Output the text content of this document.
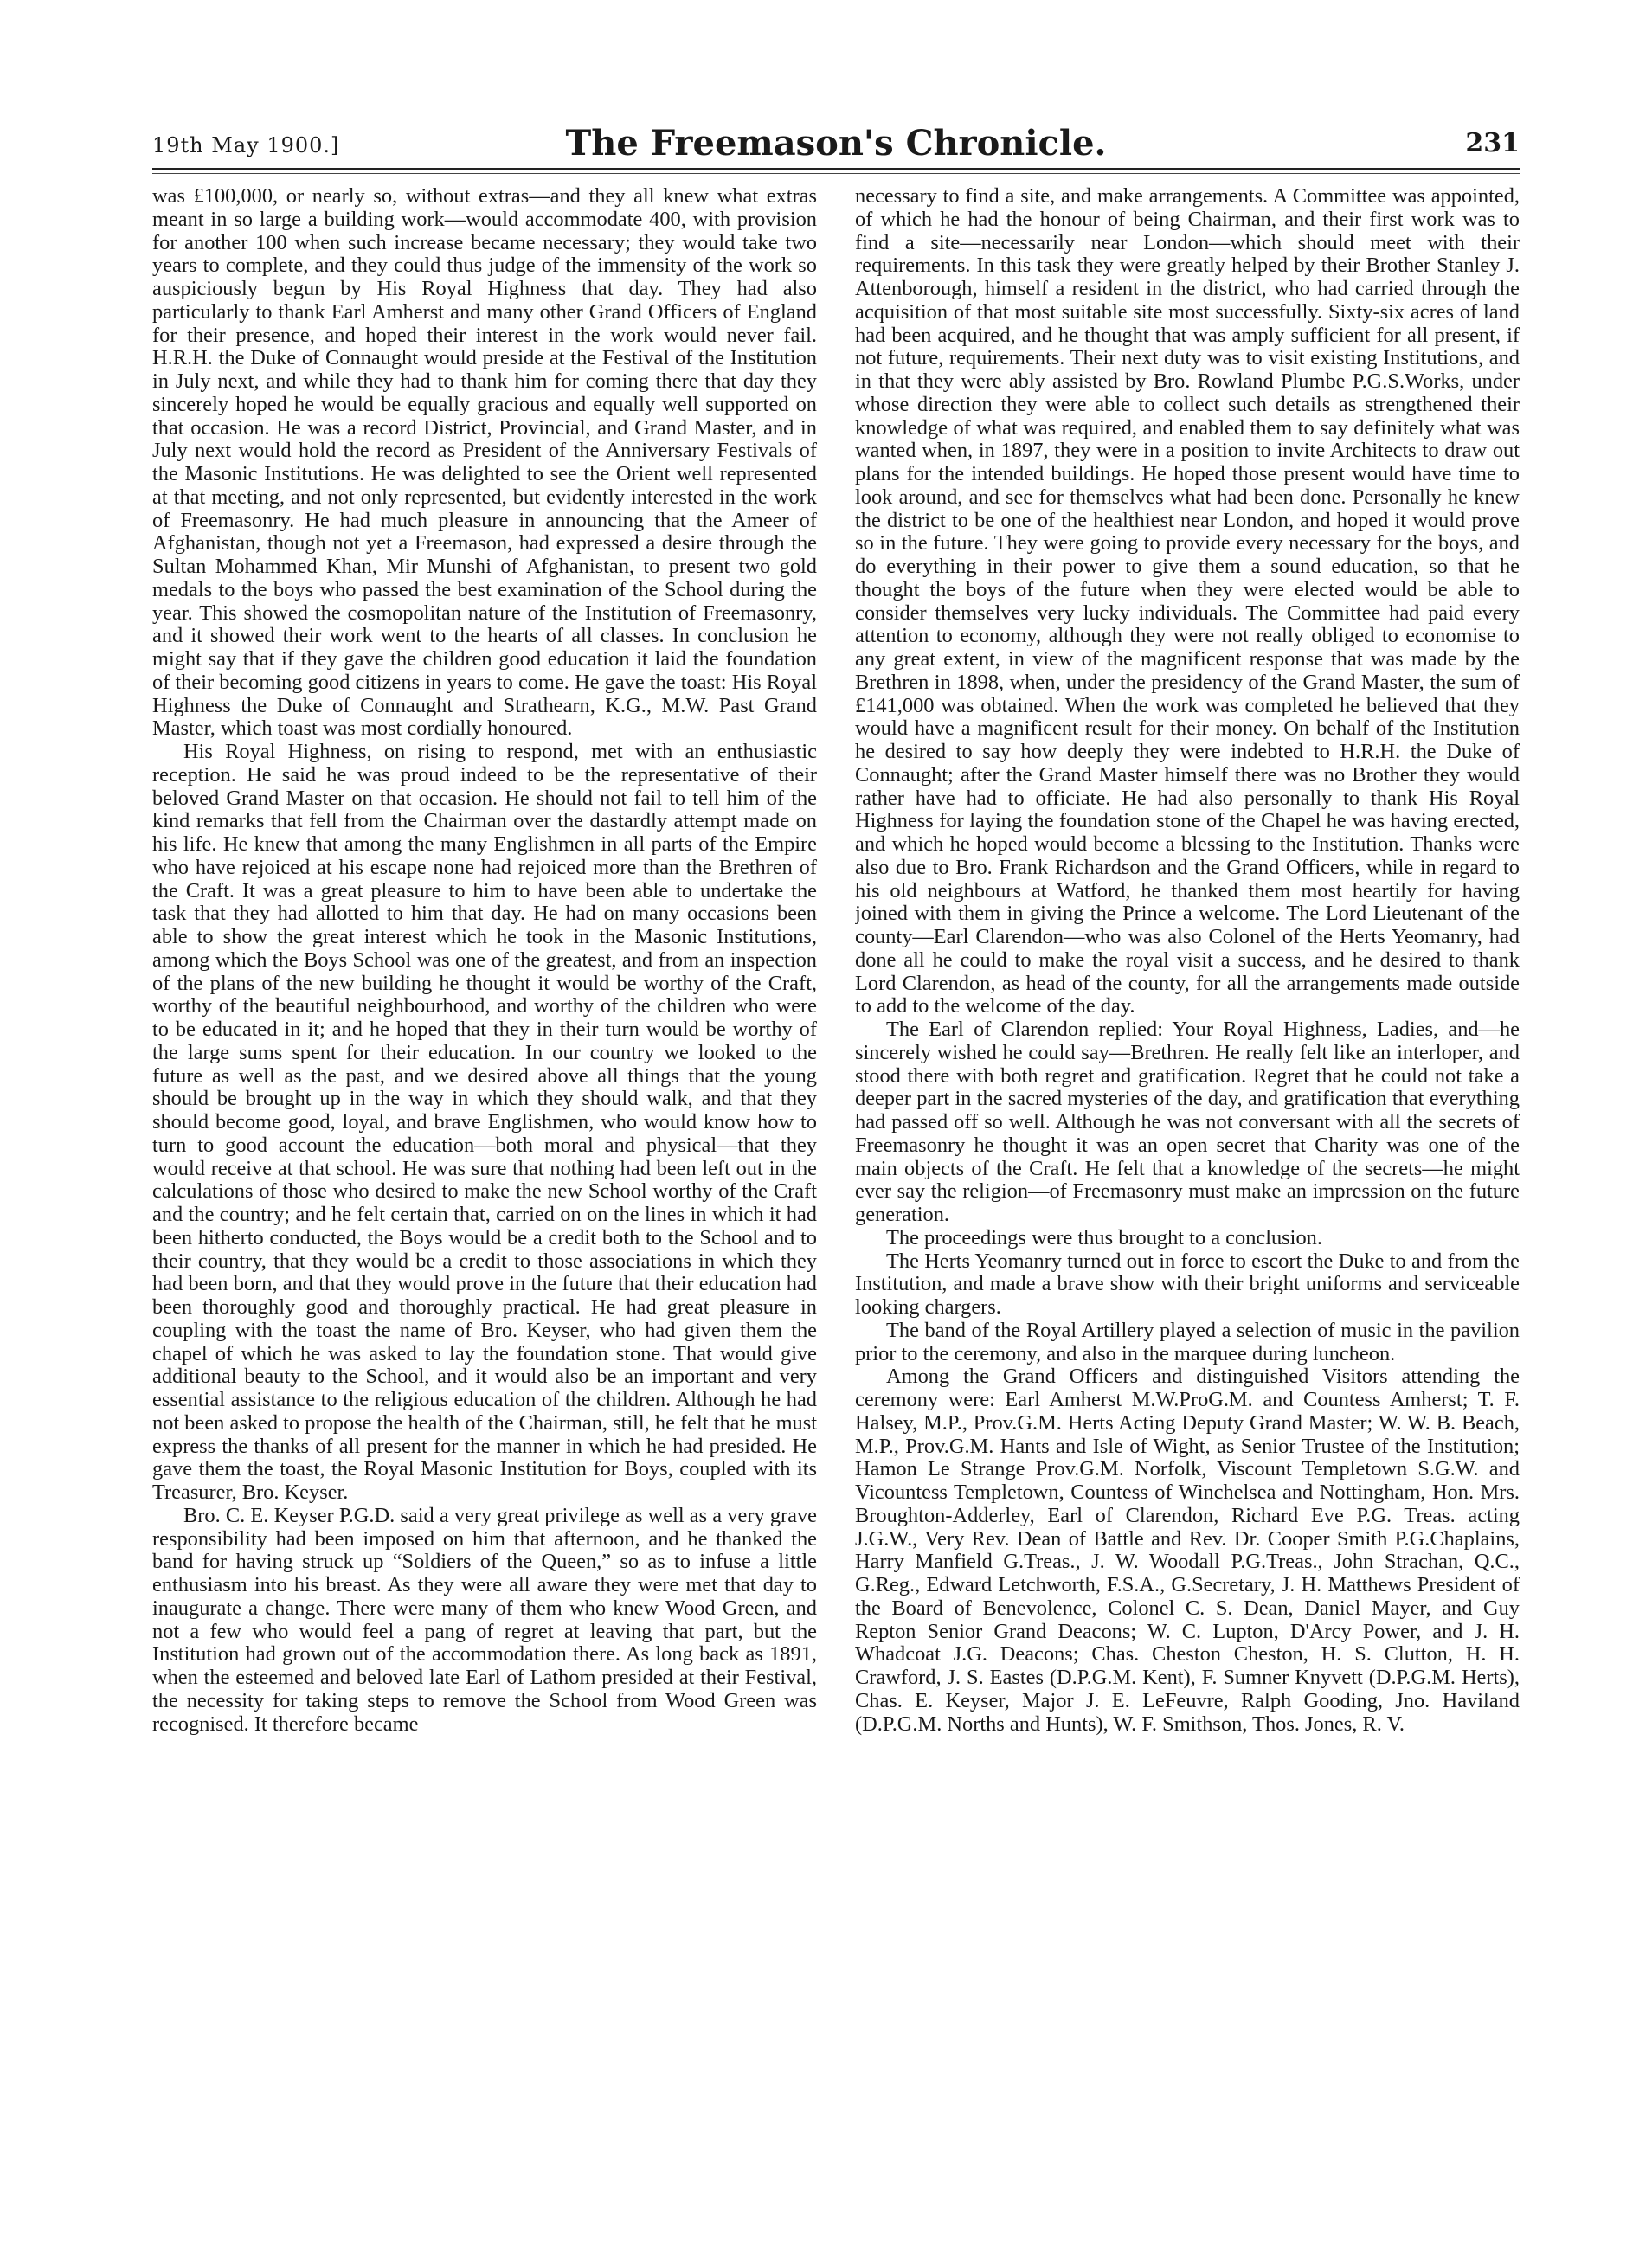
19th May 1900.]	The Freemason's Chronicle.	231

was £100,000, or nearly so, without extras—and they all knew what extras meant in so large a building work—would accommodate 400, with provision for another 100 when such increase became necessary; they would take two years to complete, and they could thus judge of the immensity of the work so auspiciously begun by His Royal Highness that day. They had also particularly to thank Earl Amherst and many other Grand Officers of England for their presence, and hoped their interest in the work would never fail. H.R.H. the Duke of Connaught would preside at the Festival of the Institution in July next, and while they had to thank him for coming there that day they sincerely hoped he would be equally gracious and equally well supported on that occasion. He was a record District, Provincial, and Grand Master, and in July next would hold the record as President of the Anniversary Festivals of the Masonic Institutions. He was delighted to see the Orient well represented at that meeting, and not only represented, but evidently interested in the work of Freemasonry. He had much pleasure in announcing that the Ameer of Afghanistan, though not yet a Freemason, had expressed a desire through the Sultan Mohammed Khan, Mir Munshi of Afghanistan, to present two gold medals to the boys who passed the best examination of the School during the year. This showed the cosmopolitan nature of the Institution of Freemasonry, and it showed their work went to the hearts of all classes. In conclusion he might say that if they gave the children good education it laid the foundation of their becoming good citizens in years to come. He gave the toast: His Royal Highness the Duke of Connaught and Strathearn, K.G., M.W. Past Grand Master, which toast was most cordially honoured.

His Royal Highness, on rising to respond, met with an enthusiastic reception. He said he was proud indeed to be the representative of their beloved Grand Master on that occasion. He should not fail to tell him of the kind remarks that fell from the Chairman over the dastardly attempt made on his life. He knew that among the many Englishmen in all parts of the Empire who have rejoiced at his escape none had rejoiced more than the Brethren of the Craft. It was a great pleasure to him to have been able to undertake the task that they had allotted to him that day. He had on many occasions been able to show the great interest which he took in the Masonic Institutions, among which the Boys School was one of the greatest, and from an inspection of the plans of the new building he thought it would be worthy of the Craft, worthy of the beautiful neighbourhood, and worthy of the children who were to be educated in it; and he hoped that they in their turn would be worthy of the large sums spent for their education. In our country we looked to the future as well as the past, and we desired above all things that the young should be brought up in the way in which they should walk, and that they should become good, loyal, and brave Englishmen, who would know how to turn to good account the education—both moral and physical—that they would receive at that school. He was sure that nothing had been left out in the calculations of those who desired to make the new School worthy of the Craft and the country; and he felt certain that, carried on on the lines in which it had been hitherto conducted, the Boys would be a credit both to the School and to their country, that they would be a credit to those associations in which they had been born, and that they would prove in the future that their education had been thoroughly good and thoroughly practical. He had great pleasure in coupling with the toast the name of Bro. Keyser, who had given them the chapel of which he was asked to lay the foundation stone. That would give additional beauty to the School, and it would also be an important and very essential assistance to the religious education of the children. Although he had not been asked to propose the health of the Chairman, still, he felt that he must express the thanks of all present for the manner in which he had presided. He gave them the toast, the Royal Masonic Institution for Boys, coupled with its Treasurer, Bro. Keyser.

Bro. C. E. Keyser P.G.D. said a very great privilege as well as a very grave responsibility had been imposed on him that afternoon, and he thanked the band for having struck up “Soldiers of the Queen,” so as to infuse a little enthusiasm into his breast. As they were all aware they were met that day to inaugurate a change. There were many of them who knew Wood Green, and not a few who would feel a pang of regret at leaving that part, but the Institution had grown out of the accommodation there. As long back as 1891, when the esteemed and beloved late Earl of Lathom presided at their Festival, the necessity for taking steps to remove the School from Wood Green was recognised. It therefore became

necessary to find a site, and make arrangements. A Committee was appointed, of which he had the honour of being Chairman, and their first work was to find a site—necessarily near London—which should meet with their requirements. In this task they were greatly helped by their Brother Stanley J. Attenborough, himself a resident in the district, who had carried through the acquisition of that most suitable site most successfully. Sixty-six acres of land had been acquired, and he thought that was amply sufficient for all present, if not future, requirements. Their next duty was to visit existing Institutions, and in that they were ably assisted by Bro. Rowland Plumbe P.G.S.Works, under whose direction they were able to collect such details as strengthened their knowledge of what was required, and enabled them to say definitely what was wanted when, in 1897, they were in a position to invite Architects to draw out plans for the intended buildings. He hoped those present would have time to look around, and see for themselves what had been done. Personally he knew the district to be one of the healthiest near London, and hoped it would prove so in the future. They were going to provide every necessary for the boys, and do everything in their power to give them a sound education, so that he thought the boys of the future when they were elected would be able to consider themselves very lucky individuals. The Committee had paid every attention to economy, although they were not really obliged to economise to any great extent, in view of the magnificent response that was made by the Brethren in 1898, when, under the presidency of the Grand Master, the sum of £141,000 was obtained. When the work was completed he believed that they would have a magnificent result for their money. On behalf of the Institution he desired to say how deeply they were indebted to H.R.H. the Duke of Connaught; after the Grand Master himself there was no Brother they would rather have had to officiate. He had also personally to thank His Royal Highness for laying the foundation stone of the Chapel he was having erected, and which he hoped would become a blessing to the Institution. Thanks were also due to Bro. Frank Richardson and the Grand Officers, while in regard to his old neighbours at Watford, he thanked them most heartily for having joined with them in giving the Prince a welcome. The Lord Lieutenant of the county—Earl Clarendon—who was also Colonel of the Herts Yeomanry, had done all he could to make the royal visit a success, and he desired to thank Lord Clarendon, as head of the county, for all the arrangements made outside to add to the welcome of the day.

The Earl of Clarendon replied: Your Royal Highness, Ladies, and—he sincerely wished he could say—Brethren. He really felt like an interloper, and stood there with both regret and gratification. Regret that he could not take a deeper part in the sacred mysteries of the day, and gratification that everything had passed off so well. Although he was not conversant with all the secrets of Freemasonry he thought it was an open secret that Charity was one of the main objects of the Craft. He felt that a knowledge of the secrets—he might ever say the religion—of Freemasonry must make an impression on the future generation.

The proceedings were thus brought to a conclusion.

The Herts Yeomanry turned out in force to escort the Duke to and from the Institution, and made a brave show with their bright uniforms and serviceable looking chargers.

The band of the Royal Artillery played a selection of music in the pavilion prior to the ceremony, and also in the marquee during luncheon.

Among the Grand Officers and distinguished Visitors attending the ceremony were: Earl Amherst M.W.ProG.M. and Countess Amherst; T. F. Halsey, M.P., Prov.G.M. Herts Acting Deputy Grand Master; W. W. B. Beach, M.P., Prov.G.M. Hants and Isle of Wight, as Senior Trustee of the Institution; Hamon Le Strange Prov.G.M. Norfolk, Viscount Templetown S.G.W. and Vicountess Templetown, Countess of Winchelsea and Nottingham, Hon. Mrs. Broughton-Adderley, Earl of Clarendon, Richard Eve P.G. Treas. acting J.G.W., Very Rev. Dean of Battle and Rev. Dr. Cooper Smith P.G.Chaplains, Harry Manfield G.Treas., J. W. Woodall P.G.Treas., John Strachan, Q.C., G.Reg., Edward Letchworth, F.S.A., G.Secretary, J. H. Matthews President of the Board of Benevolence, Colonel C. S. Dean, Daniel Mayer, and Guy Repton Senior Grand Deacons; W. C. Lupton, D'Arcy Power, and J. H. Whadcoat J.G. Deacons; Chas. Cheston Cheston, H. S. Clutton, H. H. Crawford, J. S. Eastes (D.P.G.M. Kent), F. Sumner Knyvett (D.P.G.M. Herts), Chas. E. Keyser, Major J. E. LeFeuvre, Ralph Gooding, Jno. Haviland (D.P.G.M. Norths and Hunts), W. F. Smithson, Thos. Jones, R. V.
